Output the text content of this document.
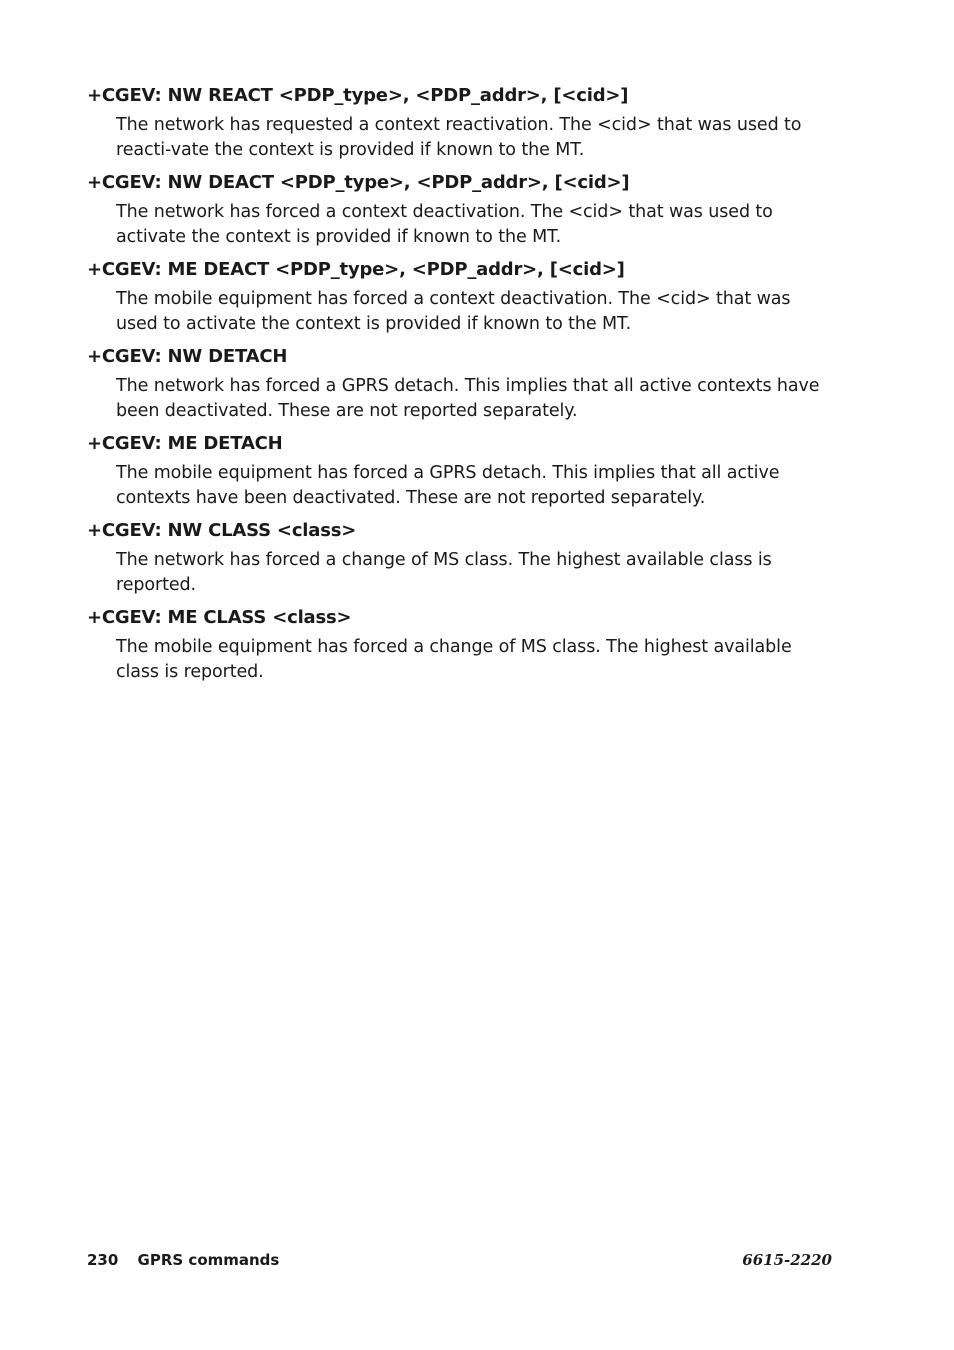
+CGEV: NW REACT <PDP_type>, <PDP_addr>, [<cid>]

The network has requested a context reactivation. The <cid> that was used to reacti-vate the context is provided if known to the MT.

+CGEV: NW DEACT <PDP_type>, <PDP_addr>, [<cid>]

The network has forced a context deactivation. The <cid> that was used to activate the context is provided if known to the MT.

+CGEV: ME DEACT <PDP_type>, <PDP_addr>, [<cid>]

The mobile equipment has forced a context deactivation. The <cid> that was used to activate the context is provided if known to the MT.

+CGEV: NW DETACH

The network has forced a GPRS detach. This implies that all active contexts have been deactivated. These are not reported separately.

+CGEV: ME DETACH

The mobile equipment has forced a GPRS detach. This implies that all active contexts have been deactivated. These are not reported separately.

+CGEV: NW CLASS <class>

The network has forced a change of MS class. The highest available class is reported.

+CGEV: ME CLASS <class>

The mobile equipment has forced a change of MS class. The highest available class is reported.

230 GPRS commands	6615-2220
